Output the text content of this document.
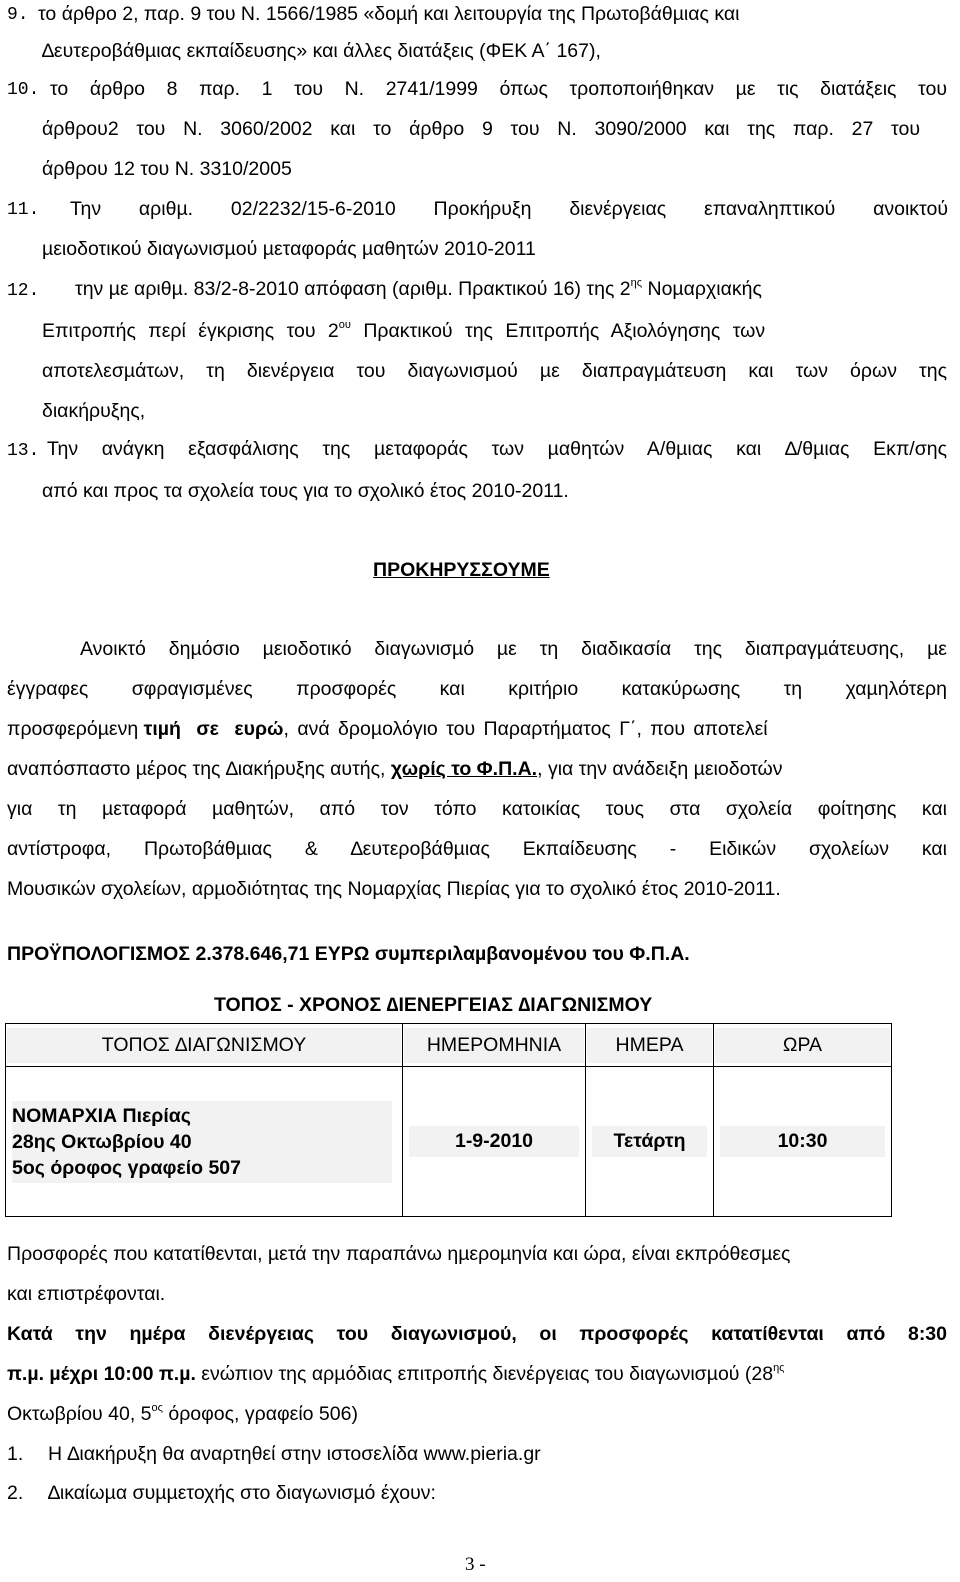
9. το άρθρο 2, παρ. 9 του Ν. 1566/1985 «δοµή και λειτουργία της Πρωτοβάθµιας και
∆ευτεροβάθµιας εκπαίδευσης» και άλλες διατάξεις (ΦΕΚ Α΄ 167),
10. το άρθρο 8 παρ. 1 του Ν. 2741/1999 όπως τροποποιήθηκαν µε τις διατάξεις του
άρθρου2 του Ν. 3060/2002 και το άρθρο 9 του Ν. 3090/2000 και της παρ. 27 του
άρθρου 12 του Ν. 3310/2005
11. Την αριθµ. 02/2232/15-6-2010 Προκήρυξη διενέργειας επαναληπτικού ανοικτού
µειοδοτικού διαγωνισµού µεταφοράς µαθητών 2010-2011
12. την µε αριθµ. 83/2-8-2010 απόφαση (αριθµ. Πρακτικού 16) της $2^{\eta\varsigma}$ Νοµαρχιακής
Επιτροπής περί έγκρισης του $2^{o\upsilon}$ Πρακτικού της Επιτροπής Αξιολόγησης των
αποτελεσµάτων, τη διενέργεια του διαγωνισµού µε διαπραγµάτευση και των όρων της
διακήρυξης,
13. Την ανάγκη εξασφάλισης της µεταφοράς των µαθητών Α/θµιας και ∆/θµιας Εκπ/σης
από και προς τα σχολεία τους για το σχολικό έτος 2010-2011.
ΠΡΟΚΗΡΥΣΣΟΥΜΕ
Ανοικτό δηµόσιο µειοδοτικό διαγωνισµό µε τη διαδικασία της διαπραγµάτευσης, µε
έγγραφες σφραγισµένες προσφορές και κριτήριο κατακύρωσης τη χαµηλότερη
προσφερόµενη τιµή σε ευρώ, ανά δροµολόγιο του Παραρτήµατος Γ΄, που αποτελεί
αναπόσπαστο µέρος της ∆ιακήρυξης αυτής, χωρίς το Φ.Π.Α., για την ανάδειξη µειοδοτών
για τη µεταφορά µαθητών, από τον τόπο κατοικίας τους στα σχολεία φοίτησης και
αντίστροφα, Πρωτοβάθµιας & ∆ευτεροβάθµιας Εκπαίδευσης - Ειδικών σχολείων και
Μουσικών σχολείων, αρµοδιότητας της Νοµαρχίας Πιερίας για το σχολικό έτος 2010-2011.
ΠΡΟΫΠΟΛΟΓΙΣΜΟΣ 2.378.646,71 ΕΥΡΩ συµπεριλαµβανοµένου του Φ.Π.Α.
ΤΟΠΟΣ - ΧΡΟΝΟΣ ∆ΙΕΝΕΡΓΕΙΑΣ ∆ΙΑΓΩΝΙΣΜΟΥ
ΤΟΠΟΣ ∆ΙΑΓΩΝΙΣΜΟΥ	ΗΜΕΡΟΜΗΝΙΑ	ΗΜΕΡΑ	ΩΡΑ

ΝΟΜΑΡΧΙΑ Πιερίας
28ης Οκτωβρίου 40
5ος όροφος γραφείο 507	1-9-2010	Τετάρτη	10:30
Προσφορές που κατατίθενται, µετά την παραπάνω ηµεροµηνία και ώρα, είναι εκπρόθεσµες
και επιστρέφονται.
Κατά την ηµέρα διενέργειας του διαγωνισµού, οι προσφορές κατατίθενται από 8:30
π.µ. µέχρι 10:00 π.µ. ενώπιον της αρµόδιας επιτροπής διενέργειας του διαγωνισµού ($28^{\eta\varsigma}$
Οκτωβρίου 40, $5^{o\varsigma}$ όροφος, γραφείο 506)
1. Η ∆ιακήρυξη θα αναρτηθεί στην ιστοσελίδα www.pieria.gr
2. ∆ικαίωµα συµµετοχής στο διαγωνισµό έχουν:
3 -
